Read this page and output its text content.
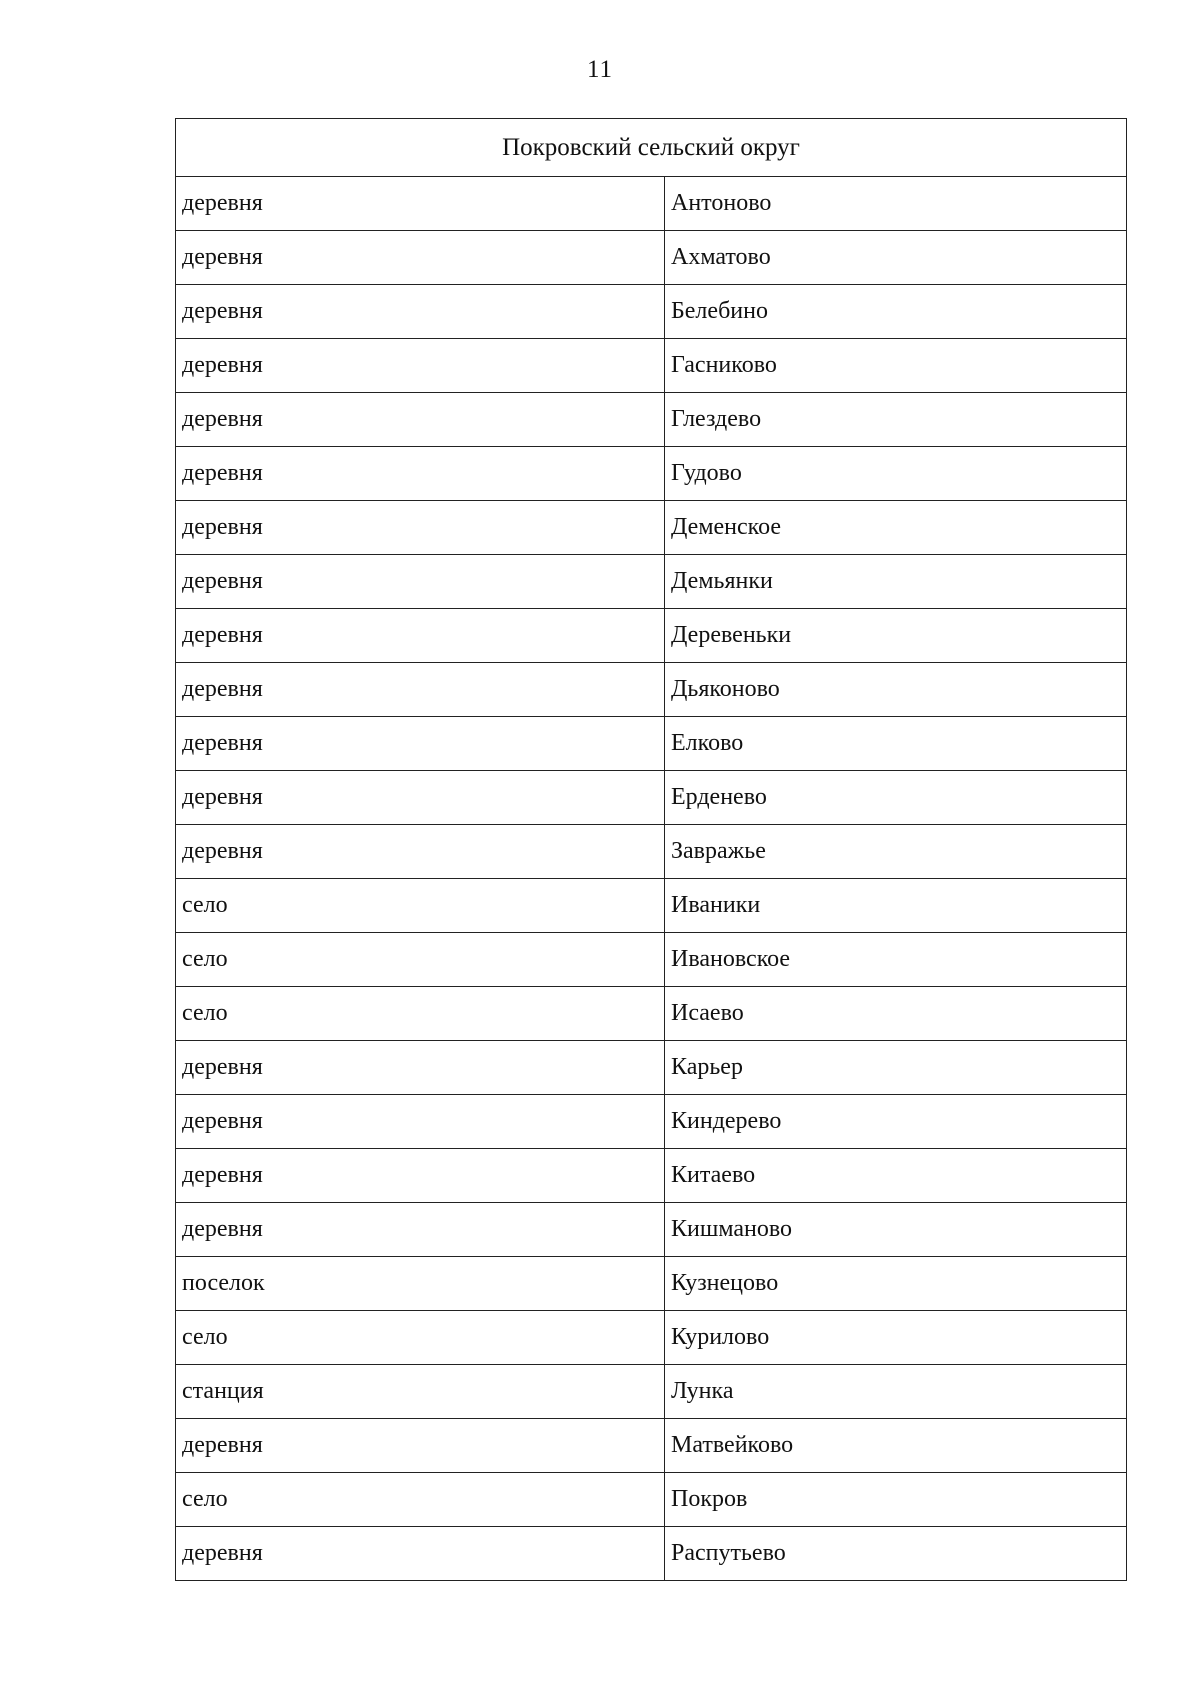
11
Покровский сельский округ	
деревня	Антоново
деревня	Ахматово
деревня	Белебино
деревня	Гасниково
деревня	Глездево
деревня	Гудово
деревня	Деменское
деревня	Демьянки
деревня	Деревеньки
деревня	Дьяконово
деревня	Елково
деревня	Ерденево
деревня	Завражье
село	Иваники
село	Ивановское
село	Исаево
деревня	Карьер
деревня	Киндерево
деревня	Китаево
деревня	Кишманово
поселок	Кузнецово
село	Курилово
станция	Лунка
деревня	Матвейково
село	Покров
деревня	Распутьево
